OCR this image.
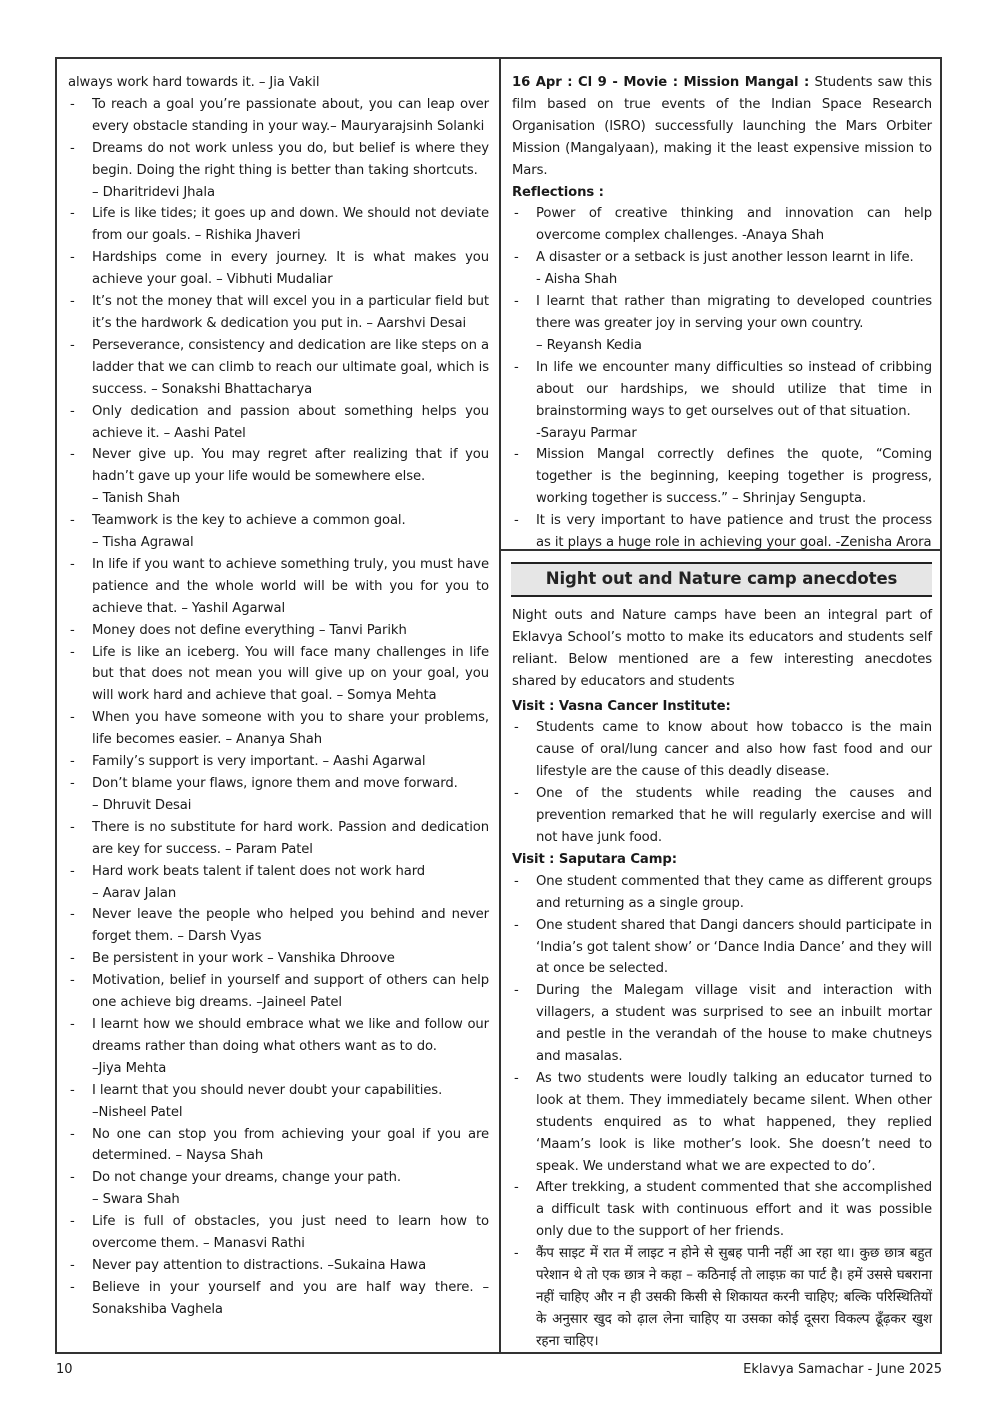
always work hard towards it. – Jia Vakil
- To reach a goal you’re passionate about, you can leap over every obstacle standing in your way.– Mauryarajsinh Solanki
- Dreams do not work unless you do, but belief is where they begin. Doing the right thing is better than taking shortcuts.
– Dharitridevi Jhala
- Life is like tides; it goes up and down. We should not deviate from our goals. – Rishika Jhaveri
- Hardships come in every journey. It is what makes you achieve your goal. – Vibhuti Mudaliar
- It’s not the money that will excel you in a particular field but it’s the hardwork & dedication you put in. – Aarshvi Desai
- Perseverance, consistency and dedication are like steps on a ladder that we can climb to reach our ultimate goal, which is success. – Sonakshi Bhattacharya
- Only dedication and passion about something helps you achieve it. – Aashi Patel
- Never give up. You may regret after realizing that if you hadn’t gave up your life would be somewhere else.
– Tanish Shah
- Teamwork is the key to achieve a common goal.
– Tisha Agrawal
- In life if you want to achieve something truly, you must have patience and the whole world will be with you for you to achieve that. – Yashil Agarwal
- Money does not define everything – Tanvi Parikh
- Life is like an iceberg. You will face many challenges in life but that does not mean you will give up on your goal, you will work hard and achieve that goal. – Somya Mehta
- When you have someone with you to share your problems, life becomes easier. – Ananya Shah
- Family’s support is very important. – Aashi Agarwal
- Don’t blame your flaws, ignore them and move forward.
– Dhruvit Desai
- There is no substitute for hard work. Passion and dedication are key for success. – Param Patel
- Hard work beats talent if talent does not work hard
– Aarav Jalan
- Never leave the people who helped you behind and never forget them. – Darsh Vyas
- Be persistent in your work – Vanshika Dhroove
- Motivation, belief in yourself and support of others can help one achieve big dreams. –Jaineel Patel
- I learnt how we should embrace what we like and follow our dreams rather than doing what others want as to do.
–Jiya Mehta
- I learnt that you should never doubt your capabilities.
–Nisheel Patel
- No one can stop you from achieving your goal if you are determined. – Naysa Shah
- Do not change your dreams, change your path.
– Swara Shah
- Life is full of obstacles, you just need to learn how to overcome them. – Manasvi Rathi
- Never pay attention to distractions. –Sukaina Hawa
- Believe in your yourself and you are half way there. – Sonakshiba Vaghela
16 Apr : Cl 9 - Movie : Mission Mangal : Students saw this film based on true events of the Indian Space Research Organisation (ISRO) successfully launching the Mars Orbiter Mission (Mangalyaan), making it the least expensive mission to Mars.
Reflections :
- Power of creative thinking and innovation can help overcome complex challenges. -Anaya Shah
- A disaster or a setback is just another lesson learnt in life.
- Aisha Shah
- I learnt that rather than migrating to developed countries there was greater joy in serving your own country.
– Reyansh Kedia
- In life we encounter many difficulties so instead of cribbing about our hardships, we should utilize that time in brainstorming ways to get ourselves out of that situation.
-Sarayu Parmar
- Mission Mangal correctly defines the quote, “Coming together is the beginning, keeping together is progress, working together is success.” – Shrinjay Sengupta.
- It is very important to have patience and trust the process as it plays a huge role in achieving your goal. -Zenisha Arora
Night out and Nature camp anecdotes
Night outs and Nature camps have been an integral part of Eklavya School’s motto to make its educators and students self reliant. Below mentioned are a few interesting anecdotes shared by educators and students
Visit : Vasna Cancer Institute:
- Students came to know about how tobacco is the main cause of oral/lung cancer and also how fast food and our lifestyle are the cause of this deadly disease.
- One of the students while reading the causes and prevention remarked that he will regularly exercise and will not have junk food.
Visit : Saputara Camp:
- One student commented that they came as different groups and returning as a single group.
- One student shared that Dangi dancers should participate in ‘India’s got talent show’ or ‘Dance India Dance’ and they will at once be selected.
- During the Malegam village visit and interaction with villagers, a student was surprised to see an inbuilt mortar and pestle in the verandah of the house to make chutneys and masalas.
- As two students were loudly talking an educator turned to look at them. They immediately became silent. When other students enquired as to what happened, they replied ‘Maam’s look is like mother’s look. She doesn’t need to speak. We understand what we are expected to do’.
- After trekking, a student commented that she accomplished a difficult task with continuous effort and it was possible only due to the support of her friends.
- कैंप साइट में रात में लाइट न होने से सुबह पानी नहीं आ रहा था। कुछ छात्र बहुत परेशान थे तो एक छात्र ने कहा – कठिनाई तो लाइफ़ का पार्ट है। हमें उससे घबराना नहीं चाहिए और न ही उसकी किसी से शिकायत करनी चाहिए; बल्कि परिस्थितियों के अनुसार खुद को ढ़ाल लेना चाहिए या उसका कोई दूसरा विकल्प ढूँढ़कर खुश रहना चाहिए।
10	Eklavya Samachar - June 2025
